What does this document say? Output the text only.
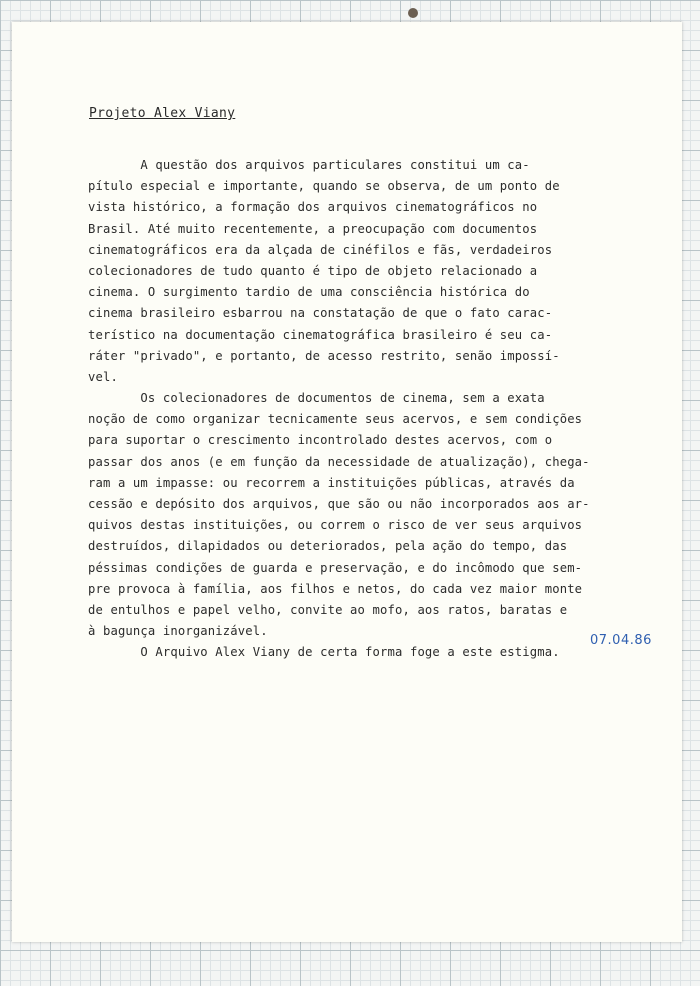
Projeto Alex Viany
A questão dos arquivos particulares constitui um ca-
pítulo especial e importante, quando se observa, de um ponto de
vista histórico, a formação dos arquivos cinematográficos no
Brasil. Até muito recentemente, a preocupação com documentos
cinematográficos era da alçada de cinéfilos e fãs, verdadeiros
colecionadores de tudo quanto é tipo de objeto relacionado a
cinema. O surgimento tardio de uma consciência histórica do
cinema brasileiro esbarrou na constatação de que o fato carac-
terístico na documentação cinematográfica brasileiro é seu ca-
ráter "privado", e portanto, de acesso restrito, senão impossí-
vel.
Os colecionadores de documentos de cinema, sem a exata
noção de como organizar tecnicamente seus acervos, e sem condições
para suportar o crescimento incontrolado destes acervos, com o
passar dos anos (e em função da necessidade de atualização), chega-
ram a um impasse: ou recorrem a instituições públicas, através da
cessão e depósito dos arquivos, que são ou não incorporados aos ar-
quivos destas instituições, ou correm o risco de ver seus arquivos
destruídos, dilapidados ou deteriorados, pela ação do tempo, das
péssimas condições de guarda e preservação, e do incômodo que sem-
pre provoca à família, aos filhos e netos, do cada vez maior monte
de entulhos e papel velho, convite ao mofo, aos ratos, baratas e
à bagunça inorganizável.
O Arquivo Alex Viany de certa forma foge a este estigma.
07.04.86
